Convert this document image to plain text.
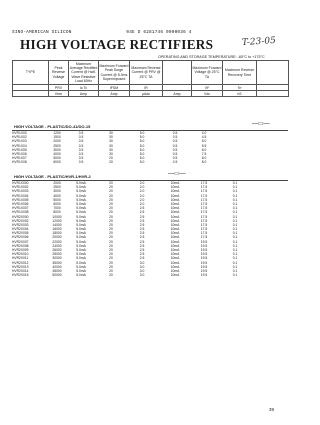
SINO-AMERICAN SILICON	04E D 6281746 0000036 4
HIGH VOLTAGE RECTIFIERS	T-23-05
OPERATING AND STORAGE TEMPERATURE: -65°C to +175°C
TYPE	Peak Reverse Voltage	Maximum Average Rectified Current @ Half-Wave Resistive Load 60Hz	Maximum Forward Peak Surge Current @ 8.3ms Superimposed	Maximum Reverse Current @ PRV @ 25°C TA		Maximum Forward Voltage @ 25°C TA	Maximum Reverse Recovery Time	
	PRV	Io Tc	IFSM	IR		VF	Trr	
	Vrrm	Amp	Amp	µAdc	Amp	Vdc	nS	
HIGH VOLTAGE - PLASTIC/DO-41/DO-15	—▭—
HVR1X00	1200	0.5	30	5.0	0.5	4.0
HVR1X02	1500	0.5	30	5.0	0.5	4.5
HVR1X03	2000	0.5	30	5.0	0.5	5.0
HVR1X04	2500	0.5	30	5.0	0.5	5.5
HVR1X05	3000	0.5	30	5.0	0.5	6.0
HVR1X06	4000	0.5	30	5.0	0.5	7.5
HVR1X07	5000	0.5	20	5.0	0.5	8.0
HVR1X08	6000	0.5	20	5.0	0.5	8.0
HIGH VOLTAGE - PLASTIC/HVR-1/HVR-2	—▭—
HVR1X000	2000	5.0mA	20	2.0	10mA	17.5	0.1
HVR1X002	2500	5.0mA	20	2.0	10mA	17.5	0.1
HVR1X003	3000	5.0mA	20	2.0	10mA	17.5	0.1
HVR1X004	4000	5.0mA	20	2.0	10mA	17.5	0.1
HVR1X005	5000	5.0mA	20	2.0	10mA	17.5	0.1
HVR1X006	6000	5.0mA	20	2.0	10mA	17.5	0.1
HVR1X007	7000	5.0mA	20	2.5	10mA	17.5	0.1
HVR1X008	8000	5.0mA	20	2.5	10mA	17.5	0.1
HVR2X000	10000	5.0mA	20	2.5	10mA	17.5	0.1
HVR2X002	12000	5.0mA	20	2.5	10mA	17.5	0.1
HVR2X003	14000	5.0mA	20	2.5	10mA	17.5	0.1
HVR2X004	16000	5.0mA	20	2.5	10mA	17.5	0.1
HVR2X005	18000	5.0mA	20	2.5	10mA	17.5	0.1
HVR2X006	20000	5.0mA	20	2.5	10mA	17.5	0.1
HVR2X007	22000	5.0mA	20	2.5	10mA	19.5	0.1
HVR2X008	24000	5.0mA	20	2.5	10mA	19.5	0.1
HVR2X009	26000	5.0mA	20	2.5	10mA	19.5	0.1
HVR2X010	28000	5.0mA	20	2.5	10mA	19.5	0.1
HVR2X011	30000	5.0mA	20	2.5	10mA	19.5	0.1
HVR2X012	35000	5.0mA	20	3.0	10mA	19.5	0.1
HVR2X013	40000	5.0mA	20	3.0	10mA	19.5	0.1
HVR2X014	45000	5.0mA	20	3.0	10mA	19.5	0.1
HVR2X015	50000	5.0mA	20	3.0	10mA	19.5	0.1
39
